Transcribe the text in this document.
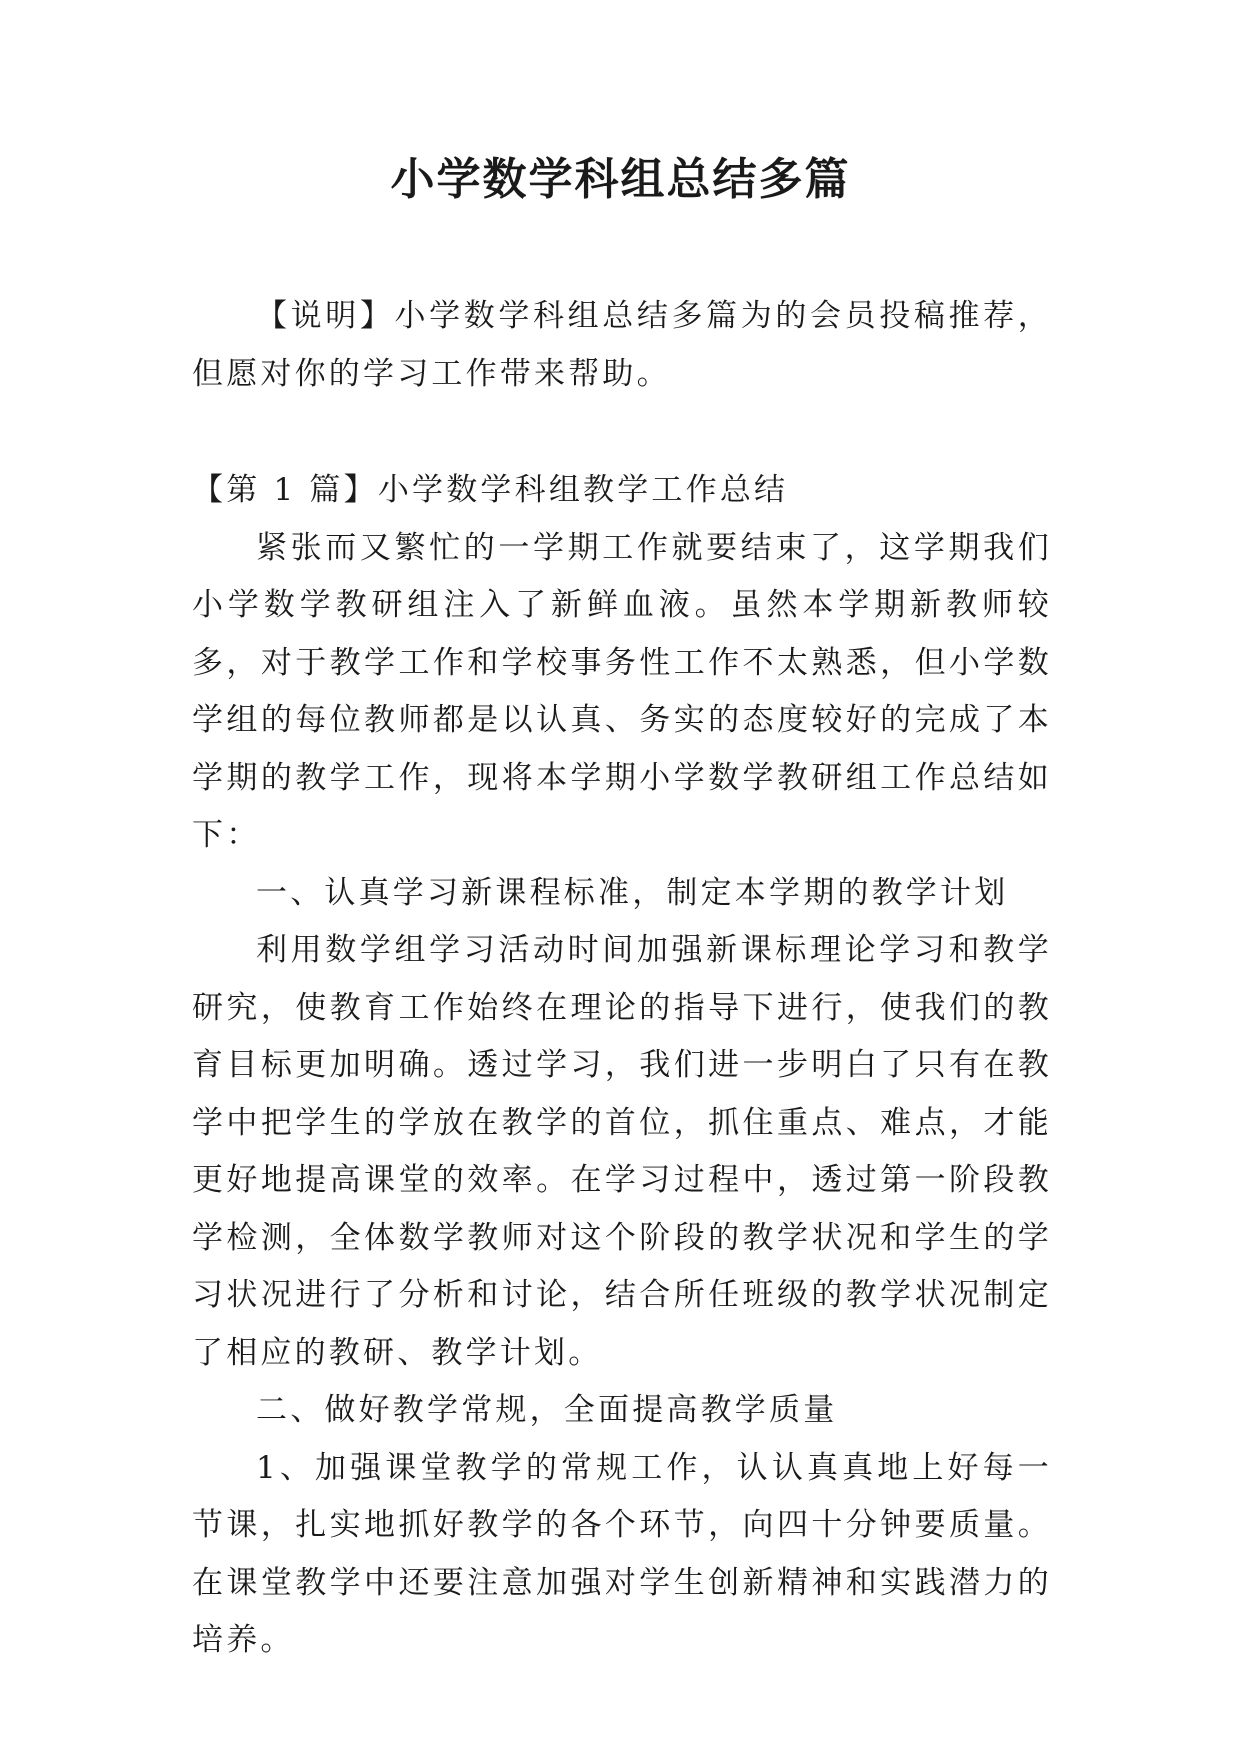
小学数学科组总结多篇

【说明】小学数学科组总结多篇为的会员投稿推荐，但愿对你的学习工作带来帮助。

【第 1 篇】小学数学科组教学工作总结

紧张而又繁忙的一学期工作就要结束了，这学期我们小学数学教研组注入了新鲜血液。虽然本学期新教师较多，对于教学工作和学校事务性工作不太熟悉，但小学数学组的每位教师都是以认真、务实的态度较好的完成了本学期的教学工作，现将本学期小学数学教研组工作总结如下：

一、认真学习新课程标准，制定本学期的教学计划

利用数学组学习活动时间加强新课标理论学习和教学研究，使教育工作始终在理论的指导下进行，使我们的教育目标更加明确。透过学习，我们进一步明白了只有在教学中把学生的学放在教学的首位，抓住重点、难点，才能更好地提高课堂的效率。在学习过程中，透过第一阶段教学检测，全体数学教师对这个阶段的教学状况和学生的学习状况进行了分析和讨论，结合所任班级的教学状况制定了相应的教研、教学计划。

二、做好教学常规，全面提高教学质量

1、加强课堂教学的常规工作，认认真真地上好每一节课，扎实地抓好教学的各个环节，向四十分钟要质量。在课堂教学中还要注意加强对学生创新精神和实践潜力的培养。
